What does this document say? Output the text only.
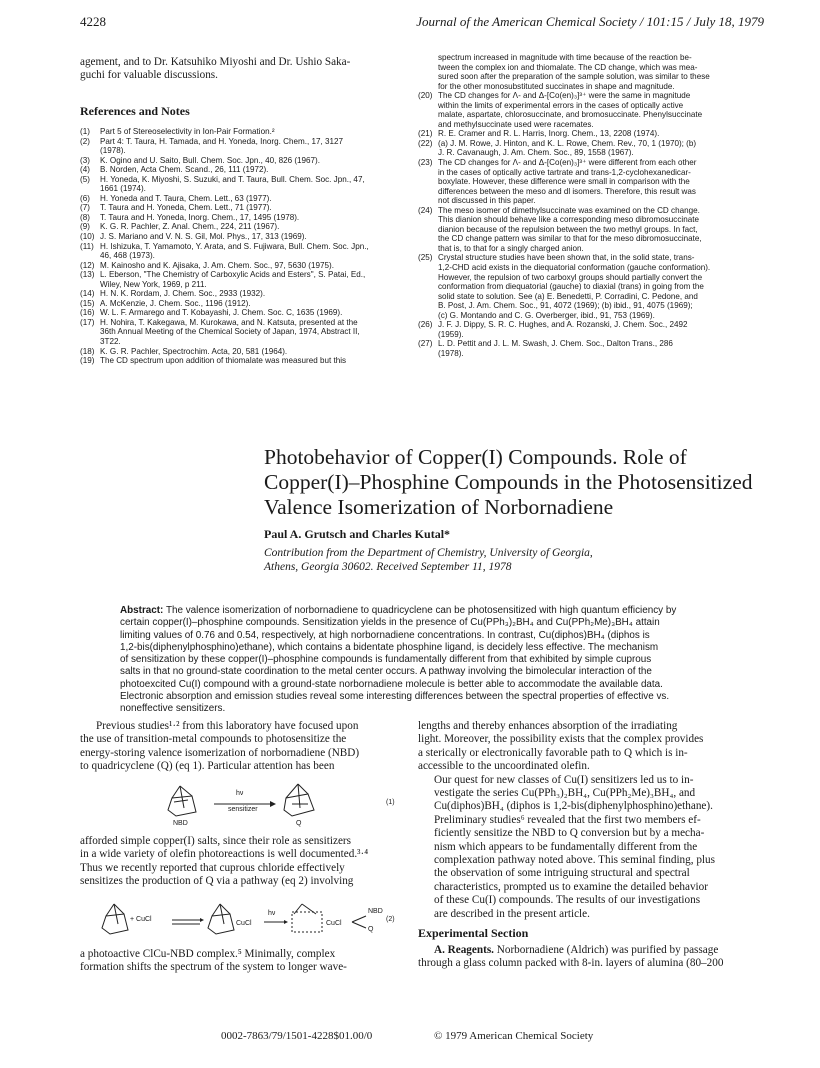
4228	Journal of the American Chemical Society / 101:15 / July 18, 1979
agement, and to Dr. Katsuhiko Miyoshi and Dr. Ushio Saka-
guchi for valuable discussions.
References and Notes
(1) Part 5 of Stereoselectivity in Ion-Pair Formation.²
(2) Part 4: T. Taura, H. Tamada, and H. Yoneda, Inorg. Chem., 17, 3127
(1978).
(3) K. Ogino and U. Saito, Bull. Chem. Soc. Jpn., 40, 826 (1967).
(4) B. Norden, Acta Chem. Scand., 26, 111 (1972).
(5) H. Yoneda, K. Miyoshi, S. Suzuki, and T. Taura, Bull. Chem. Soc. Jpn., 47,
1661 (1974).
(6) H. Yoneda and T. Taura, Chem. Lett., 63 (1977).
(7) T. Taura and H. Yoneda, Chem. Lett., 71 (1977).
(8) T. Taura and H. Yoneda, Inorg. Chem., 17, 1495 (1978).
(9) K. G. R. Pachler, Z. Anal. Chem., 224, 211 (1967).
(10) J. S. Mariano and V. N. S. Gil, Mol. Phys., 17, 313 (1969).
(11) H. Ishizuka, T. Yamamoto, Y. Arata, and S. Fujiwara, Bull. Chem. Soc. Jpn.,
46, 468 (1973).
(12) M. Kainosho and K. Ajisaka, J. Am. Chem. Soc., 97, 5630 (1975).
(13) L. Eberson, "The Chemistry of Carboxylic Acids and Esters", S. Patai, Ed.,
Wiley, New York, 1969, p 211.
(14) H. N. K. Rordam, J. Chem. Soc., 2933 (1932).
(15) A. McKenzie, J. Chem. Soc., 1196 (1912).
(16) W. L. F. Armarego and T. Kobayashi, J. Chem. Soc. C, 1635 (1969).
(17) H. Nohira, T. Kakegawa, M. Kurokawa, and N. Katsuta, presented at the
36th Annual Meeting of the Chemical Society of Japan, 1974, Abstract II,
3T22.
(18) K. G. R. Pachler, Spectrochim. Acta, 20, 581 (1964).
(19) The CD spectrum upon addition of thiomalate was measured but this
spectrum increased in magnitude with time because of the reaction be-
tween the complex ion and thiomalate. The CD change, which was mea-
sured soon after the preparation of the sample solution, was similar to these
for the other monosubstituted succinates in shape and magnitude.
(20) The CD changes for Λ- and Δ-[Co(en)₃]³⁺ were the same in magnitude
within the limits of experimental errors in the cases of optically active
malate, aspartate, chlorosuccinate, and bromosuccinate. Phenylsuccinate
and methylsuccinate used were racemates.
(21) R. E. Cramer and R. L. Harris, Inorg. Chem., 13, 2208 (1974).
(22) (a) J. M. Rowe, J. Hinton, and K. L. Rowe, Chem. Rev., 70, 1 (1970); (b)
J. R. Cavanaugh, J. Am. Chem. Soc., 89, 1558 (1967).
(23) The CD changes for Λ- and Δ-[Co(en)₃]³⁺ were different from each other
in the cases of optically active tartrate and trans-1,2-cyclohexanedicar-
boxylate. However, these difference were small in comparison with the
differences between the meso and dl isomers. Therefore, this result was
not discussed in this paper.
(24) The meso isomer of dimethylsuccinate was examined on the CD change.
This dianion should behave like a corresponding meso dibromosuccinate
dianion because of the repulsion between the two methyl groups. In fact,
the CD change pattern was similar to that for the meso dibromosuccinate,
that is, to that for a singly charged anion.
(25) Crystal structure studies have been shown that, in the solid state, trans-
1,2-CHD acid exists in the diequatorial conformation (gauche conformation).
However, the repulsion of two carboxyl groups should partially convert the
conformation from diequatorial (gauche) to diaxial (trans) in going from the
solid state to solution. See (a) E. Benedetti, P. Corradini, C. Pedone, and
B. Post, J. Am. Chem. Soc., 91, 4072 (1969); (b) ibid., 91, 4075 (1969);
(c) G. Montando and C. G. Overberger, ibid., 91, 753 (1969).
(26) J. F. J. Dippy, S. R. C. Hughes, and A. Rozanski, J. Chem. Soc., 2492
(1959).
(27) L. D. Pettit and J. L. M. Swash, J. Chem. Soc., Dalton Trans., 286
(1978).
Photobehavior of Copper(I) Compounds. Role of
Copper(I)–Phosphine Compounds in the Photosensitized
Valence Isomerization of Norbornadiene
Paul A. Grutsch and Charles Kutal*
Contribution from the Department of Chemistry, University of Georgia,
Athens, Georgia 30602. Received September 11, 1978
Abstract: The valence isomerization of norbornadiene to quadricyclene can be photosensitized with high quantum efficiency by
certain copper(I)–phosphine compounds. Sensitization yields in the presence of Cu(PPh₃)₂BH₄ and Cu(PPh₂Me)₃BH₄ attain
limiting values of 0.76 and 0.54, respectively, at high norbornadiene concentrations. In contrast, Cu(diphos)BH₄ (diphos is
1,2-bis(diphenylphosphino)ethane), which contains a bidentate phosphine ligand, is decidely less effective. The mechanism
of sensitization by these copper(I)–phosphine compounds is fundamentally different from that exhibited by simple cuprous
salts in that no ground-state coordination to the metal center occurs. A pathway involving the bimolecular interaction of the
photoexcited Cu(I) compound with a ground-state norbornadiene molecule is better able to accommodate the available data.
Electronic absorption and emission studies reveal some interesting differences between the spectral properties of effective vs.
noneffective sensitizers.
Previous studies¹·² from this laboratory have focused upon
the use of transition-metal compounds to photosensitize the
energy-storing valence isomerization of norbornadiene (NBD)
to quadricyclene (Q) (eq 1). Particular attention has been
hν
sensitizer
NBD	Q
(1)
afforded simple copper(I) salts, since their role as sensitizers
in a wide variety of olefin photoreactions is well documented.³·⁴
Thus we recently reported that cuprous chloride effectively
sensitizes the production of Q via a pathway (eq 2) involving
+ CuCl
CuCl
hν
CuCl
NBD
Q
(2)
a photoactive ClCu-NBD complex.⁵ Minimally, complex
formation shifts the spectrum of the system to longer wave-
lengths and thereby enhances absorption of the irradiating
light. Moreover, the possibility exists that the complex provides
a sterically or electronically favorable path to Q which is in-
accessible to the uncoordinated olefin.
Our quest for new classes of Cu(I) sensitizers led us to in-
vestigate the series Cu(PPh₃)₂BH₄, Cu(PPh₂Me)₃BH₄, and
Cu(diphos)BH₄ (diphos is 1,2-bis(diphenylphosphino)ethane).
Preliminary studies⁶ revealed that the first two members ef-
ficiently sensitize the NBD to Q conversion but by a mecha-
nism which appears to be fundamentally different from the
complexation pathway noted above. This seminal finding, plus
the observation of some intriguing structural and spectral
characteristics, prompted us to examine the detailed behavior
of these Cu(I) compounds. The results of our investigations
are described in the present article.
Experimental Section
A. Reagents. Norbornadiene (Aldrich) was purified by passage
through a glass column packed with 8-in. layers of alumina (80–200
0002-7863/79/1501-4228$01.00/0	© 1979 American Chemical Society
